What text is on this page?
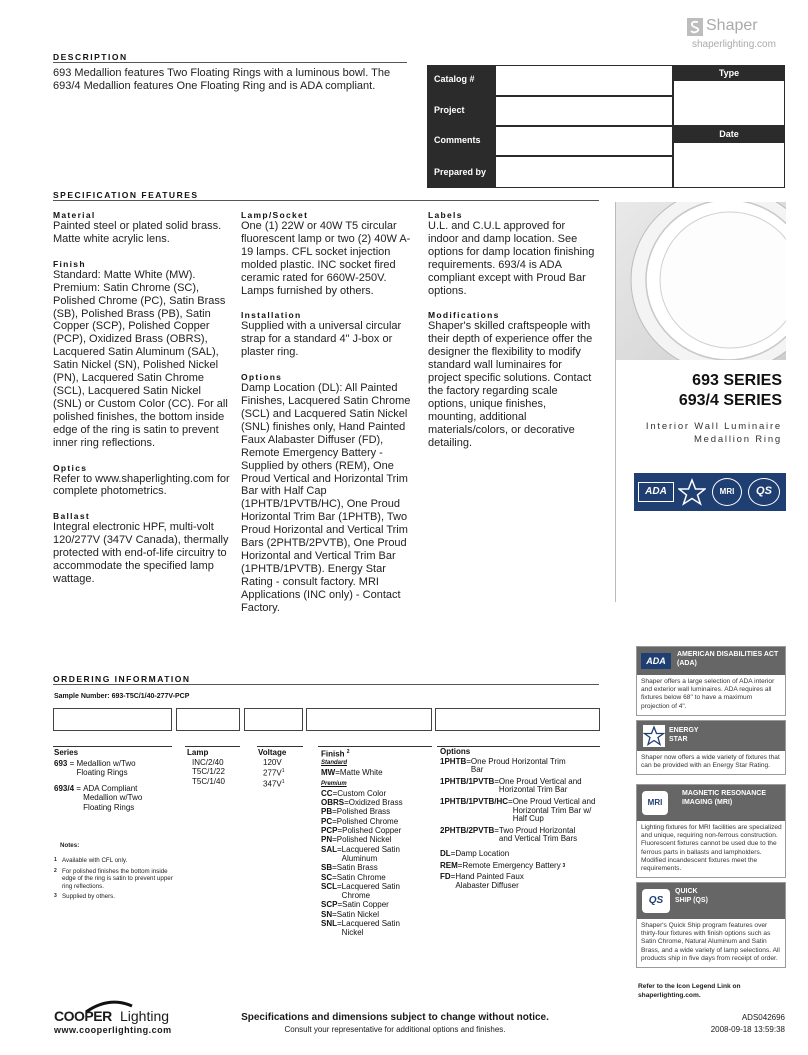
Shaper
shaperlighting.com
DESCRIPTION
693 Medallion features Two Floating Rings with a luminous bowl. The 693/4 Medallion features One Floating Ring and is ADA compliant.
Catalog #
Project
Comments
Prepared by
Type
Date
SPECIFICATION FEATURES
Material

Painted steel or plated solid brass. Matte white acrylic lens.

Finish

Standard: Matte White (MW). Premium: Satin Chrome (SC), Polished Chrome (PC), Satin Brass (SB), Polished Brass (PB), Satin Copper (SCP), Polished Copper (PCP), Oxidized Brass (OBRS), Lacquered Satin Aluminum (SAL), Satin Nickel (SN), Polished Nickel (PN), Lacquered Satin Chrome (SCL), Lacquered Satin Nickel (SNL) or Custom Color (CC). For all polished finishes, the bottom inside edge of the ring is satin to prevent inner ring reflections.

Optics

Refer to www.shaperlighting.com for complete photometrics.

Ballast

Integral electronic HPF, multi-volt 120/277V (347V Canada), thermally protected with end-of-life circuitry to accommodate the specified lamp wattage.

Lamp/Socket

One (1) 22W or 40W T5 circular fluorescent lamp or two (2) 40W A-19 lamps. CFL socket injection molded plastic. INC socket fired ceramic rated for 660W-250V. Lamps furnished by others.

Installation

Supplied with a universal circular strap for a standard 4" J-box or plaster ring.

Options

Damp Location (DL): All Painted Finishes, Lacquered Satin Chrome (SCL) and Lacquered Satin Nickel (SNL) finishes only, Hand Painted Faux Alabaster Diffuser (FD), Remote Emergency Battery - Supplied by others (REM), One Proud Vertical and Horizontal Trim Bar with Half Cap (1PHTB/1PVTB/HC), One Proud Horizontal Trim Bar (1PHTB), Two Proud Horizontal and Vertical Trim Bars (2PHTB/2PVTB), One Proud Horizontal and Vertical Trim Bar (1PHTB/1PVTB). Energy Star Rating - consult factory. MRI Applications (INC only) - Contact Factory.

Labels

U.L. and C.U.L approved for indoor and damp location. See options for damp location finishing requirements. 693/4 is ADA compliant except with Proud Bar options.

Modifications

Shaper's skilled craftspeople with their depth of experience offer the designer the flexibility to modify standard wall luminaires for project specific solutions. Contact the factory regarding scale options, unique finishes, mounting, additional materials/colors, or decorative detailing.

693 SERIES
693/4 SERIES
Interior Wall Luminaire
Medallion Ring
ADA	MRI	QS
ORDERING INFORMATION
Sample Number: 693-T5C/1/40-277V-PCP
Series
693 = Medallion w/Two Floating Rings
693/4 = ADA Compliant Medallion w/Two Floating Rings
Lamp
INC/2/40
T5C/1/22
T5C/1/40
Voltage
120V
$277V^1$
$347V^1$
Finish $^2$
Standard
MW=Matte White
Premium
CC = Custom Color
OBRS = Oxidized Brass
PB = Polished Brass
PC = Polished Chrome
PCP = Polished Copper
PN = Polished Nickel
SAL = Lacquered Satin Aluminum
SB = Satin Brass
SC = Satin Chrome
SCL = Lacquered Satin Chrome
SCP = Satin Copper
SN = Satin Nickel
SNL = Lacquered Satin Nickel
Options
1PHTB = One Proud Horizontal Trim Bar
1PHTB/1PVTB = One Proud Vertical and Horizontal Trim Bar
1PHTB/1PVTB/HC = One Proud Vertical and Horizontal Trim Bar w/ Half Cup
2PHTB/2PVTB = Two Proud Horizontal and Vertical Trim Bars
DL = Damp Location
REM = Remote Emergency Battery 3
FD = Hand Painted Faux Alabaster Diffuser
Notes:
1 Available with CFL only.
2 For polished finishes the bottom inside edge of the ring is satin to prevent upper ring reflections.
3 Supplied by others.
ADA
AMERICAN DISABILITIES ACT (ADA)
Shaper offers a large selection of ADA interior and exterior wall luminaires. ADA requires all fixtures below 68" to have a maximum projection of 4".
ENERGY STAR
Shaper now offers a wide variety of fixtures that can be provided with an Energy Star Rating.
MRI
MAGNETIC RESONANCE IMAGING (MRI)
Lighting fixtures for MRI facilities are specialized and unique, requiring non-ferrous construction. Fluorescent fixtures cannot be used due to the ferrous parts in ballasts and lampholders. Modified incandescent fixtures meet the requirements.
QS
QUICK SHIP (QS)
Shaper's Quick Ship program features over thirty-four fixtures with finish options such as Satin Chrome, Natural Aluminum and Satin Brass, and a wide variety of lamp selections. All products ship in five days from receipt of order.
Refer to the Icon Legend Link on shaperlighting.com.
COOPER Lighting
www.cooperlighting.com
Specifications and dimensions subject to change without notice.
Consult your representative for additional options and finishes.
ADS042696
2008-09-18 13:59:38
